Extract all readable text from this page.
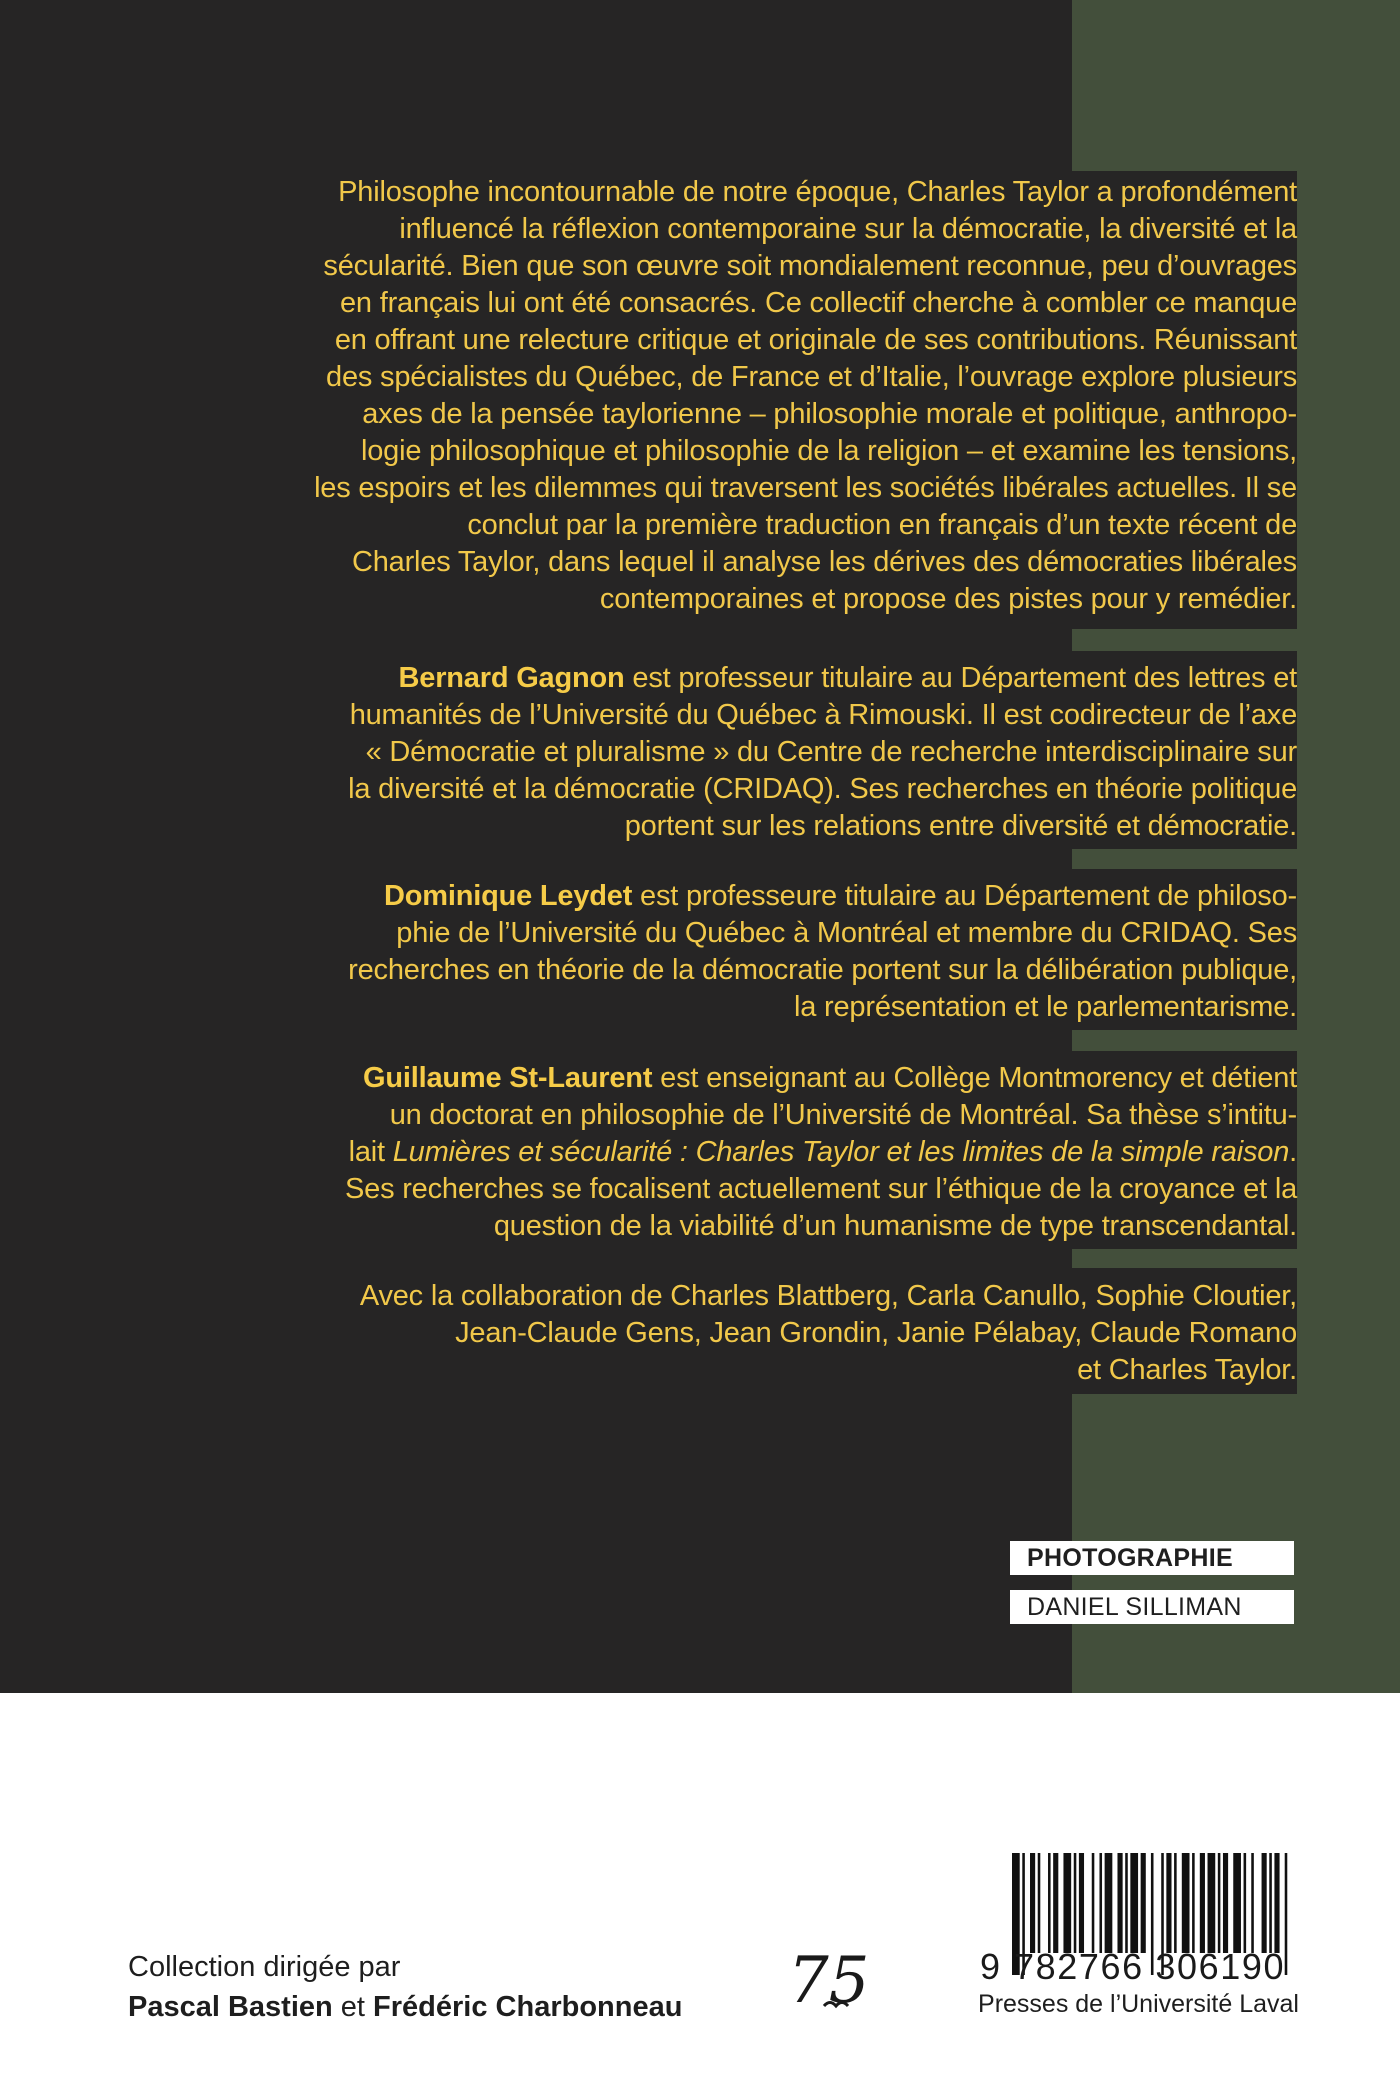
Philosophe incontournable de notre époque, Charles Taylor a profondément
influencé la réflexion contemporaine sur la démocratie, la diversité et la
sécularité. Bien que son œuvre soit mondialement reconnue, peu d’ouvrages
en français lui ont été consacrés. Ce collectif cherche à combler ce manque
en offrant une relecture critique et originale de ses contributions. Réunissant
des spécialistes du Québec, de France et d’Italie, l’ouvrage explore plusieurs
axes de la pensée taylorienne – philosophie morale et politique, anthropo-
logie philosophique et philosophie de la religion – et examine les tensions,
les espoirs et les dilemmes qui traversent les sociétés libérales actuelles. Il se
conclut par la première traduction en français d’un texte récent de
Charles Taylor, dans lequel il analyse les dérives des démocraties libérales
contemporaines et propose des pistes pour y remédier.
Bernard Gagnon est professeur titulaire au Département des lettres et
humanités de l’Université du Québec à Rimouski. Il est codirecteur de l’axe
« Démocratie et pluralisme » du Centre de recherche interdisciplinaire sur
la diversité et la démocratie (CRIDAQ). Ses recherches en théorie politique
portent sur les relations entre diversité et démocratie.
Dominique Leydet est professeure titulaire au Département de philoso-
phie de l’Université du Québec à Montréal et membre du CRIDAQ. Ses
recherches en théorie de la démocratie portent sur la délibération publique,
la représentation et le parlementarisme.
Guillaume St-Laurent est enseignant au Collège Montmorency et détient
un doctorat en philosophie de l’Université de Montréal. Sa thèse s’intitu-
lait Lumières et sécularité : Charles Taylor et les limites de la simple raison.
Ses recherches se focalisent actuellement sur l’éthique de la croyance et la
question de la viabilité d’un humanisme de type transcendantal.
Avec la collaboration de Charles Blattberg, Carla Canullo, Sophie Cloutier,
Jean-Claude Gens, Jean Grondin, Janie Pélabay, Claude Romano
et Charles Taylor.
PHOTOGRAPHIE
DANIEL SILLIMAN
Collection dirigée par
Pascal Bastien et Frédéric Charbonneau 75	9 782766 306190
Presses de l’Université Laval
